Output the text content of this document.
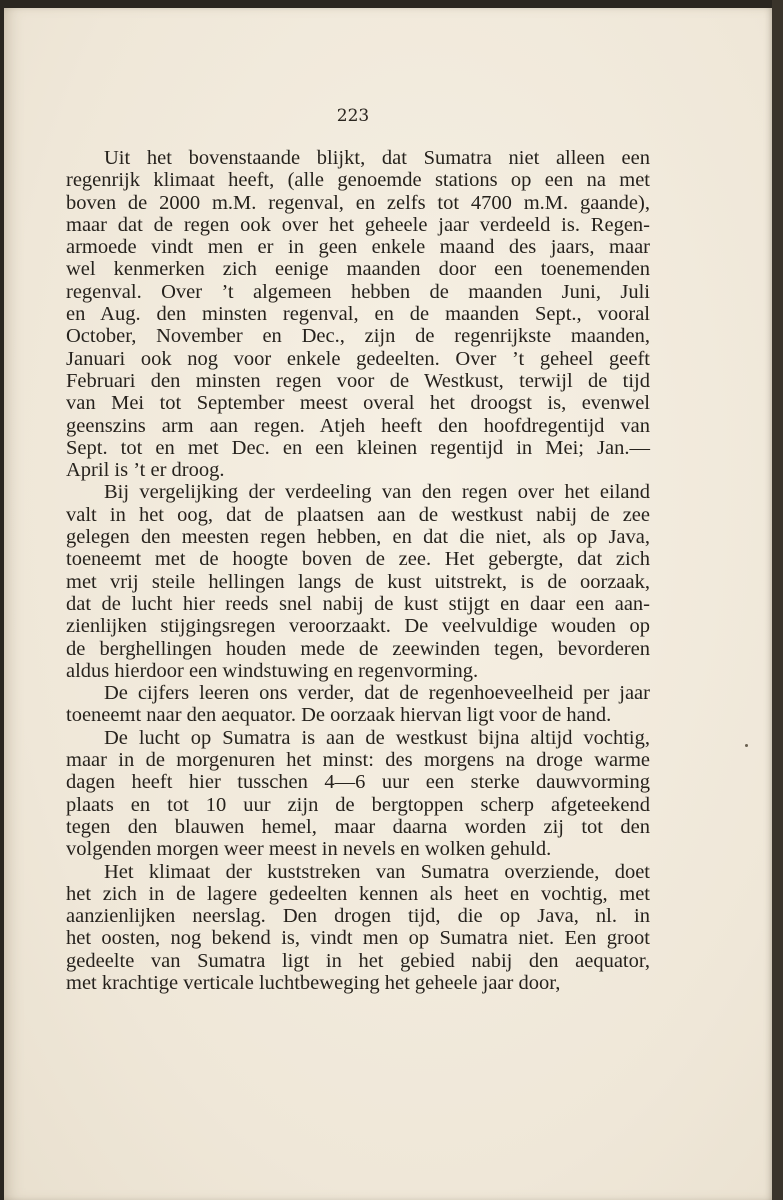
223
Uit het bovenstaande blijkt, dat Sumatra niet alleen een
regenrijk klimaat heeft, (alle genoemde stations op een na met
boven de 2000 m.M. regenval, en zelfs tot 4700 m.M. gaande),
maar dat de regen ook over het geheele jaar verdeeld is. Regen-
armoede vindt men er in geen enkele maand des jaars, maar
wel kenmerken zich eenige maanden door een toenemenden
regenval. Over ’t algemeen hebben de maanden Juni, Juli
en Aug. den minsten regenval, en de maanden Sept., vooral
October, November en Dec., zijn de regenrijkste maanden,
Januari ook nog voor enkele gedeelten. Over ’t geheel geeft
Februari den minsten regen voor de Westkust, terwijl de tijd
van Mei tot September meest overal het droogst is, evenwel
geenszins arm aan regen. Atjeh heeft den hoofdregentijd van
Sept. tot en met Dec. en een kleinen regentijd in Mei; Jan.—
April is ’t er droog.
Bij vergelijking der verdeeling van den regen over het eiland
valt in het oog, dat de plaatsen aan de westkust nabij de zee
gelegen den meesten regen hebben, en dat die niet, als op Java,
toeneemt met de hoogte boven de zee. Het gebergte, dat zich
met vrij steile hellingen langs de kust uitstrekt, is de oorzaak,
dat de lucht hier reeds snel nabij de kust stijgt en daar een aan-
zienlijken stijgingsregen veroorzaakt. De veelvuldige wouden op
de berghellingen houden mede de zeewinden tegen, bevorderen
aldus hierdoor een windstuwing en regenvorming.
De cijfers leeren ons verder, dat de regenhoeveelheid per jaar
toeneemt naar den aequator. De oorzaak hiervan ligt voor de hand.
De lucht op Sumatra is aan de westkust bijna altijd vochtig,
maar in de morgenuren het minst: des morgens na droge warme
dagen heeft hier tusschen 4—6 uur een sterke dauwvorming
plaats en tot 10 uur zijn de bergtoppen scherp afgeteekend
tegen den blauwen hemel, maar daarna worden zij tot den
volgenden morgen weer meest in nevels en wolken gehuld.
Het klimaat der kuststreken van Sumatra overziende, doet
het zich in de lagere gedeelten kennen als heet en vochtig, met
aanzienlijken neerslag. Den drogen tijd, die op Java, nl. in
het oosten, nog bekend is, vindt men op Sumatra niet. Een groot
gedeelte van Sumatra ligt in het gebied nabij den aequator,
met krachtige verticale luchtbeweging het geheele jaar door,
